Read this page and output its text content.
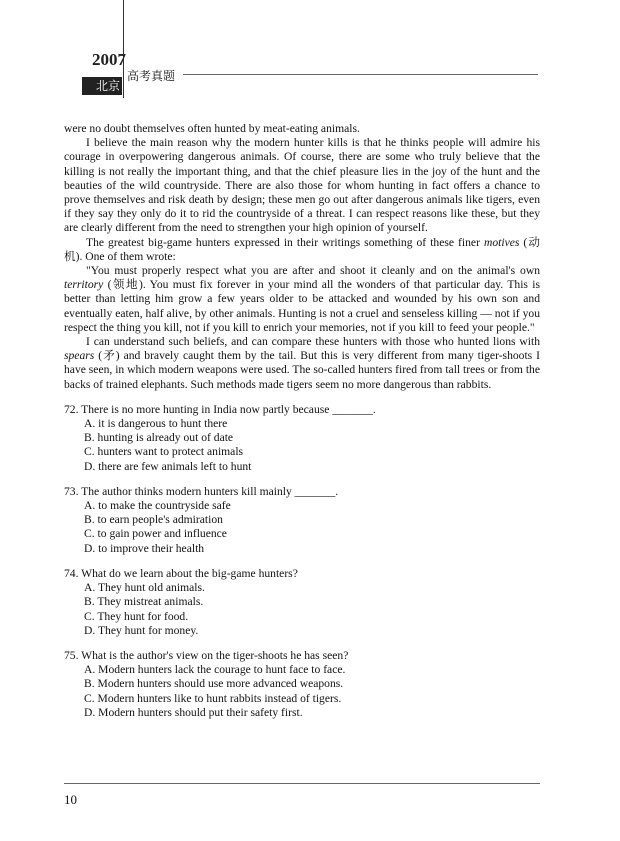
2007
北京
高考真题

were no doubt themselves often hunted by meat-eating animals.

I believe the main reason why the modern hunter kills is that he thinks people will admire his courage in overpowering dangerous animals. Of course, there are some who truly believe that the killing is not really the important thing, and that the chief pleasure lies in the joy of the hunt and the beauties of the wild countryside. There are also those for whom hunting in fact offers a chance to prove themselves and risk death by design; these men go out after dangerous animals like tigers, even if they say they only do it to rid the countryside of a threat. I can respect reasons like these, but they are clearly different from the need to strengthen your high opinion of yourself.

The greatest big-game hunters expressed in their writings something of these finer motives (动机). One of them wrote:

"You must properly respect what you are after and shoot it cleanly and on the animal's own territory (领地). You must fix forever in your mind all the wonders of that particular day. This is better than letting him grow a few years older to be attacked and wounded by his own son and eventually eaten, half alive, by other animals. Hunting is not a cruel and senseless killing — not if you respect the thing you kill, not if you kill to enrich your memories, not if you kill to feed your people."

I can understand such beliefs, and can compare these hunters with those who hunted lions with spears (矛) and bravely caught them by the tail. But this is very different from many tiger-shoots I have seen, in which modern weapons were used. The so-called hunters fired from tall trees or from the backs of trained elephants. Such methods made tigers seem no more dangerous than rabbits.

72. There is no more hunting in India now partly because _______.

A. it is dangerous to hunt there

B. hunting is already out of date

C. hunters want to protect animals

D. there are few animals left to hunt

73. The author thinks modern hunters kill mainly _______.

A. to make the countryside safe

B. to earn people's admiration

C. to gain power and influence

D. to improve their health

74. What do we learn about the big-game hunters?

A. They hunt old animals.

B. They mistreat animals.

C. They hunt for food.

D. They hunt for money.

75. What is the author's view on the tiger-shoots he has seen?

A. Modern hunters lack the courage to hunt face to face.

B. Modern hunters should use more advanced weapons.

C. Modern hunters like to hunt rabbits instead of tigers.

D. Modern hunters should put their safety first.

10
